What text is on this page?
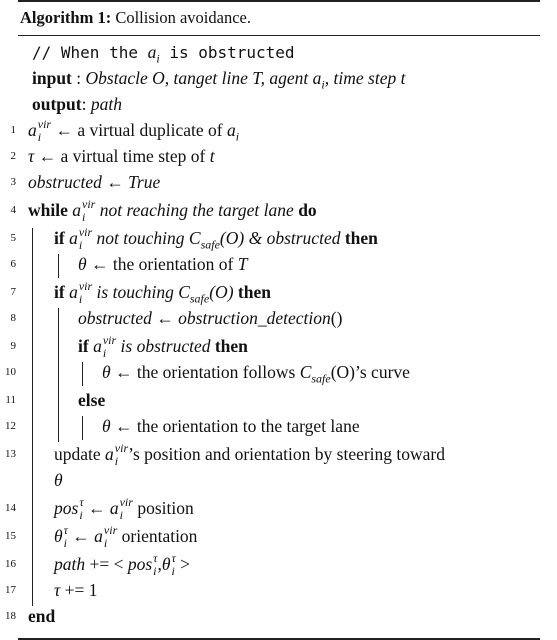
Algorithm 1: Collision avoidance.
// When the $a_i$ is obstructed
input : Obstacle O, tanget line T, agent $a_i$, time step t
output: path
1 a vir
i ← a virtual duplicate of $a_i$
2 τ ← a virtual time step of t
3 obstructed ← True
4 while a vir
i not reaching the target lane do
5 if a vir
i not touching $C_{safe}(O)$ & obstructed then
6	θ ← the orientation of T
7 if a vir
i is touching $C_{safe}(O)$ then
8	obstructed ← obstruction_detection()
9	if a vir
i is obstructed then
10	θ ← the orientation follows $C_{safe}(O)’s$ curve
11	else
12	θ ← the orientation to the target lane
13 update a vir
i ’s position and orientation by steering toward
θ
14 pos τ
i ← a vir
i position
15 θ τ
i ← a vir
i orientation
16 path += < pos τ
i ,θ τ
i >
17 τ += 1
18 end
